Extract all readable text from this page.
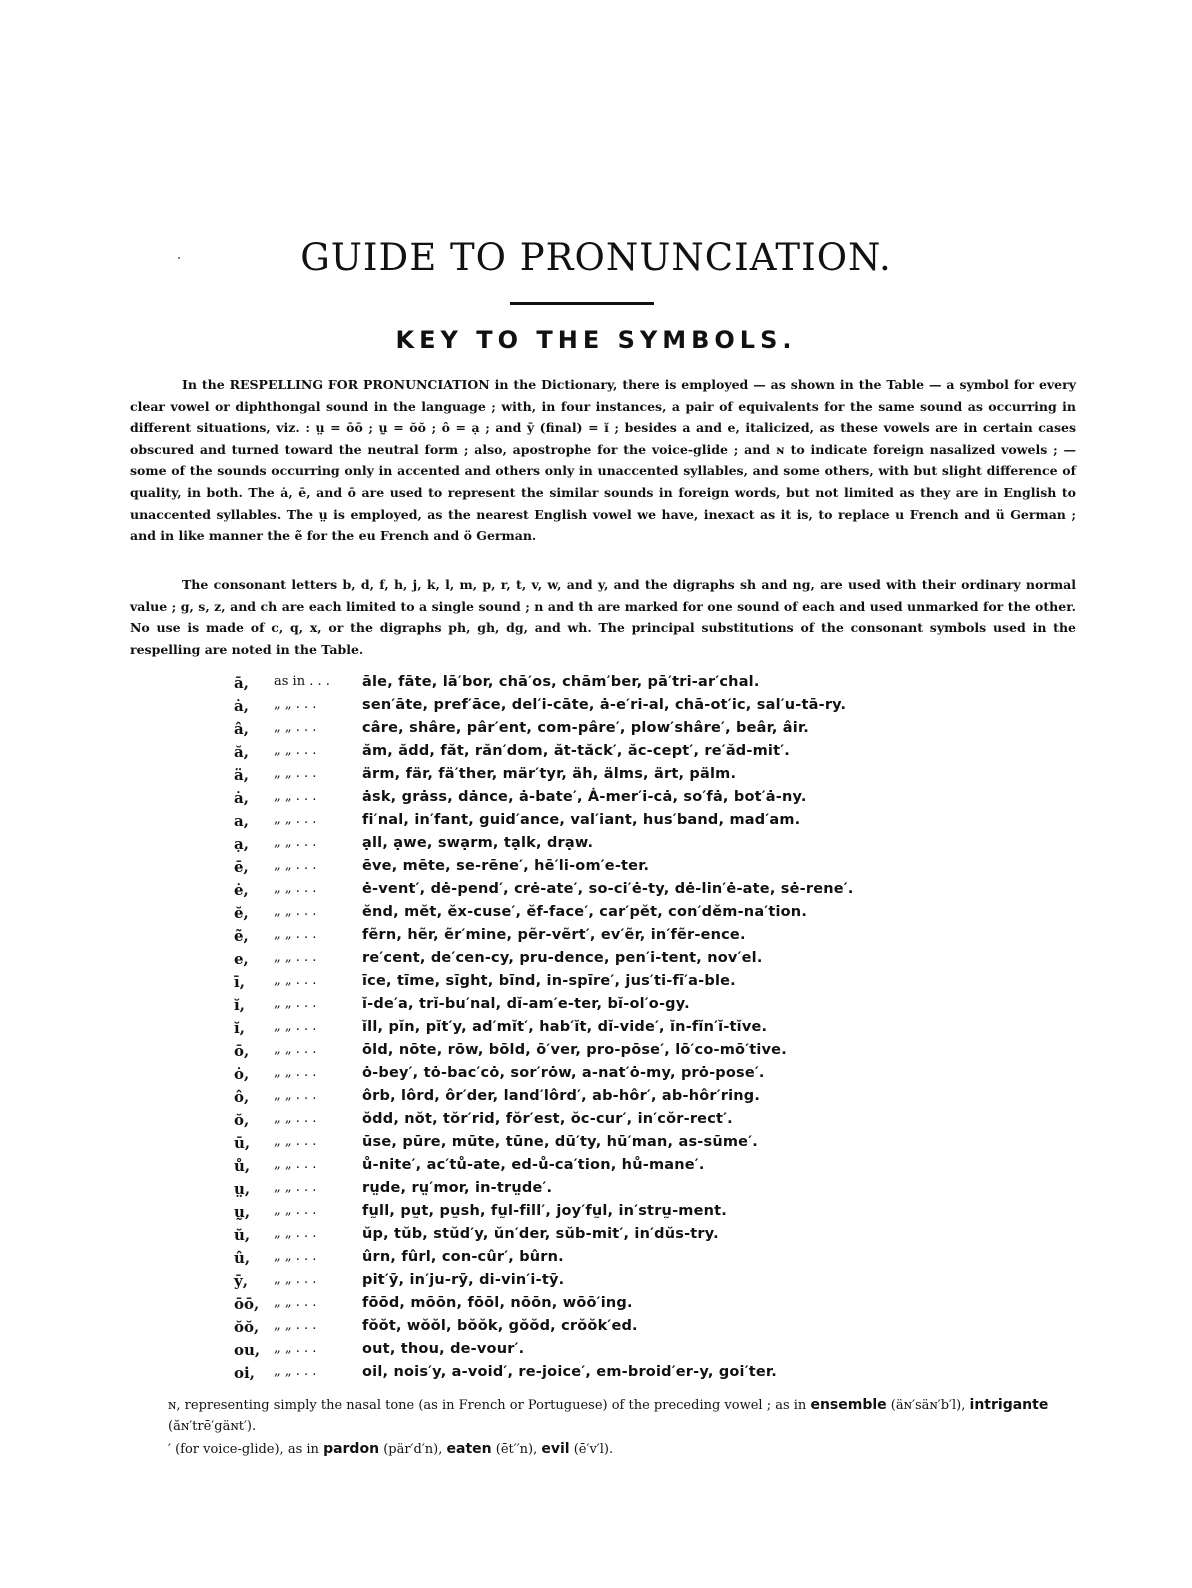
GUIDE TO PRONUNCIATION.
KEY TO THE SYMBOLS.

In the RESPELLING FOR PRONUNCIATION in the Dictionary, there is employed — as shown in the Table — a symbol for every clear vowel or diphthongal sound in the language ; with, in four instances, a pair of equivalents for the same sound as occurring in different situations, viz. : ṳ = ōō ; ṵ = ŏŏ ; ô = ạ ; and ȳ (final) = ĭ ; besides a and e, italicized, as these vowels are in certain cases obscured and turned toward the neutral form ; also, apostrophe for the voice-glide ; and ɴ to indicate foreign nasalized vowels ; — some of the sounds occurring only in accented and others only in unaccented syllables, and some others, with but slight difference of quality, in both. The ȧ, ē, and ō are used to represent the similar sounds in foreign words, but not limited as they are in English to unaccented syllables. The ṳ is employed, as the nearest English vowel we have, inexact as it is, to replace u French and ü German ; and in like manner the ẽ for the eu French and ö German.

The consonant letters b, d, f, h, j, k, l, m, p, r, t, v, w, and y, and the digraphs sh and ng, are used with their ordinary normal value ; g, s, z, and ch are each limited to a single sound ; n and th are marked for one sound of each and used unmarked for the other. No use is made of c, q, x, or the digraphs ph, gh, dg, and wh. The principal substitutions of the consonant symbols used in the respelling are noted in the Table.

ā,	as in . . . āle, fāte, lā′bor, chā′os, chām′ber, pā′tri-ar′chal.
ȧ,	„ „ . . .	sen′āte, pref′āce, del′i-cāte, ȧ-e′ri-al, chā-ot′ic, sal′u-tā-ry.
â,	„ „ . . .	câre, shâre, pâr′ent, com-pâre′, plow′shâre′, beâr, âir.
ă,	„ „ . . .	ăm, ădd, făt, răn′dom, ăt-tăck′, ăc-cept′, re′ăd-mit′.
ä,	„ „ . . .	ärm, fär, fä′ther, mär′tyr, äh, älms, ärt, pälm.
ȧ,	„ „ . . .	ȧsk, grȧss, dȧnce, ȧ-bate′, Ȧ-mer′i-cȧ, so′fȧ, bot′ȧ-ny.
a,	„ „ . . .	fi′nal, in′fant, guid′ance, val′iant, hus′band, mad′am.
ạ,	„ „ . . .	ạll, ạwe, swạrm, tạlk, drạw.
ē,	„ „ . . .	ēve, mēte, se-rēne′, hē′li-om′e-ter.
ė,	„ „ . . .	ė-vent′, dė-pend′, crė-ate′, so-ci′ė-ty, dė-lin′ė-ate, sė-rene′.
ĕ,	„ „ . . .	ĕnd, mĕt, ĕx-cuse′, ĕf-face′, car′pĕt, con′dĕm-na′tion.
ẽ,	„ „ . . .	fẽrn, hẽr, ẽr′mine, pẽr-vẽrt′, ev′ẽr, in′fẽr-ence.
e,	„ „ . . .	re′cent, de′cen-cy, pru-dence, pen′i-tent, nov′el.
ī,	„ „ . . .	īce, tīme, sīght, bīnd, in-spīre′, jus′ti-fī′a-ble.
ĭ,	„ „ . . .	ĭ-de′a, trĭ-bu′nal, dĭ-am′e-ter, bĭ-ol′o-gy.
ĭ,	„ „ . . .	ĭll, pĭn, pĭt′y, ad′mĭt′, hab′ĭt, dĭ-vide′, ĭn-fĭn′ĭ-tĭve.
ō,	„ „ . . .	ōld, nōte, rōw, bōld, ō′ver, pro-pōse′, lō′co-mō′tive.
ȯ,	„ „ . . .	ȯ-bey′, tȯ-bac′cȯ, sor′rȯw, a-nat′ȯ-my, prȯ-pose′.
ô,	„ „ . . .	ôrb, lôrd, ôr′der, land′lôrd′, ab-hôr′, ab-hôr′ring.
ŏ,	„ „ . . .	ŏdd, nŏt, tŏr′rid, fŏr′est, ŏc-cur′, in′cŏr-rect′.
ū,	„ „ . . .	ūse, pūre, mūte, tūne, dū′ty, hū′man, as-sūme′.
ů,	„ „ . . .	ů-nite′, ac′tů-ate, ed-ů-ca′tion, hů-mane′.
ṳ,	„ „ . . .	rṳde, rṳ′mor, in-trṳde′.
ṵ,	„ „ . . .	fṵll, pṵt, pṵsh, fṵl-fill′, joy′fṵl, in′strṵ-ment.
ŭ,	„ „ . . .	ŭp, tŭb, stŭd′y, ŭn′der, sŭb-mit′, in′dŭs-try.
û,	„ „ . . .	ûrn, fûrl, con-cûr′, bûrn.
ȳ,	„ „ . . .	pit′ȳ, in′ju-rȳ, di-vin′i-tȳ.
ōō,	„ „ . . .	fōōd, mōōn, fōōl, nōōn, wōō′ing.
ŏŏ,	„ „ . . .	fŏŏt, wŏŏl, bŏŏk, gŏŏd, crŏŏk′ed.
ou,	„ „ . . .	out, thou, de-vour′.
oi,	„ „ . . .	oil, nois′y, a-void′, re-joice′, em-broid′er-y, goi′ter.

ɴ, representing simply the nasal tone (as in French or Portuguese) of the preceding vowel ; as in ensemble (äɴ′säɴ′b′l), intrigante (ăɴ′trē′gäɴt′).

′ (for voice-glide), as in pardon (pär′d′n), eaten (ēt′′n), evil (ē′v′l).
